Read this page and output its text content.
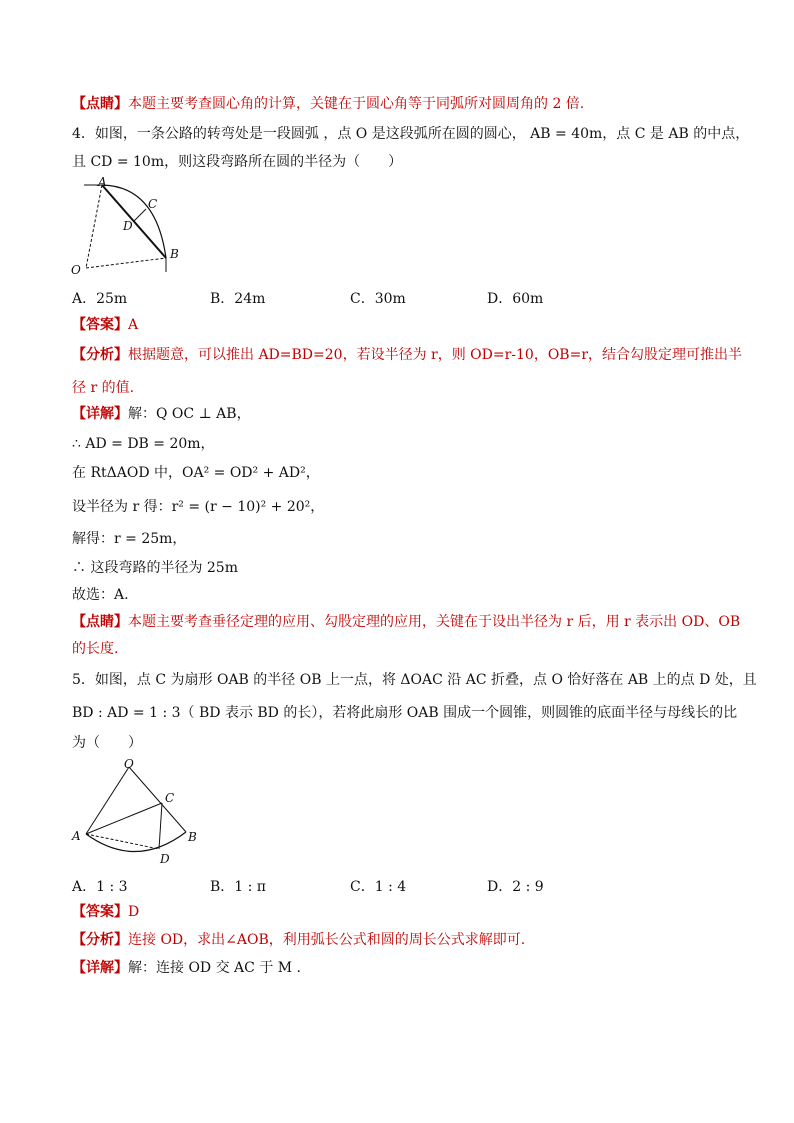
【点睛】本题主要考查圆心角的计算，关键在于圆心角等于同弧所对圆周角的 2 倍.
4．如图，一条公路的转弯处是一段圆弧 ，点 O 是这段弧所在圆的圆心， AB = 40m，点 C 是 AB 的中点，
且 CD = 10m，则这段弯路所在圆的半径为（　　）
A
C
D
B
O
A．25m	B．24m	C．30m	D．60m
【答案】A
【分析】根据题意，可以推出 AD=BD=20，若设半径为 r，则 OD=r-10，OB=r，结合勾股定理可推出半
径 r 的值.
【详解】解：Q OC ⊥ AB，
∴ AD = DB = 20m，
在 RtΔAOD 中，OA² = OD² + AD²，
设半径为 r 得：r² = (r − 10)² + 20²，
解得：r = 25m，
∴ 这段弯路的半径为 25m
故选：A.
【点睛】本题主要考查垂径定理的应用、勾股定理的应用，关键在于设出半径为 r 后，用 r 表示出 OD、OB
的长度.
5．如图，点 C 为扇形 OAB 的半径 OB 上一点，将 ΔOAC 沿 AC 折叠，点 O 恰好落在 AB 上的点 D 处，且
BD : AD = 1 : 3（ BD 表示 BD 的长），若将此扇形 OAB 围成一个圆锥，则圆锥的底面半径与母线长的比
为（　　）
O
C
A	B
D
A．1 : 3	B．1 : π	C．1 : 4	D．2 : 9
【答案】D
【分析】连接 OD，求出∠AOB，利用弧长公式和圆的周长公式求解即可.
【详解】解：连接 OD 交 AC 于 M .
